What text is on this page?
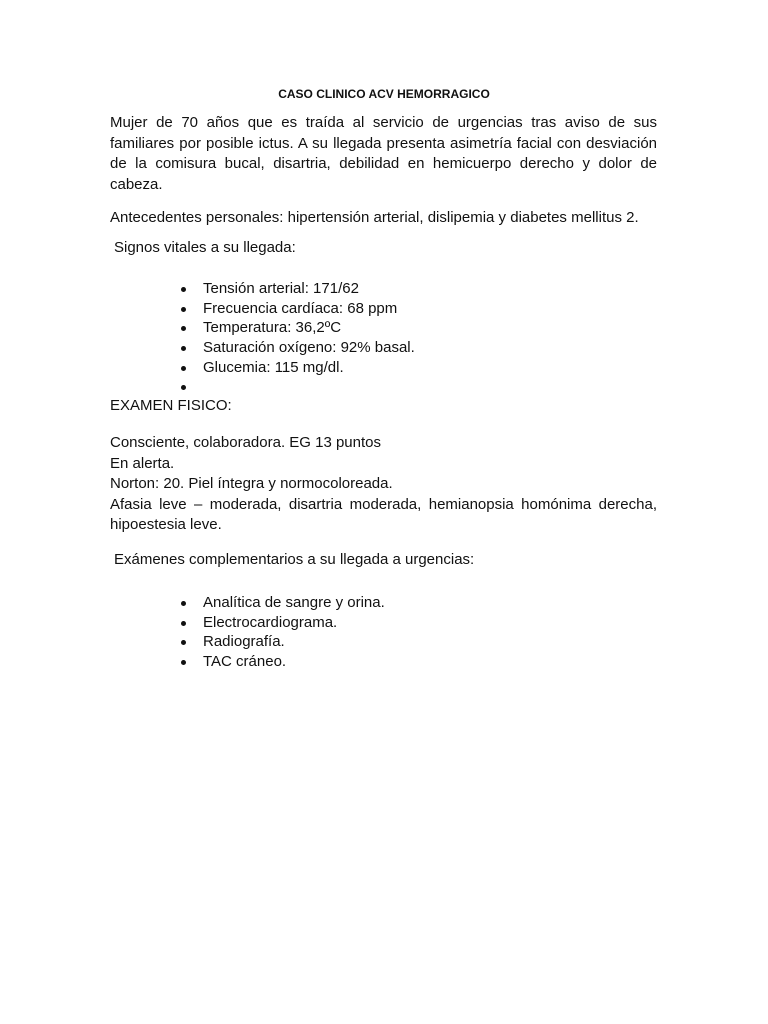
CASO CLINICO ACV HEMORRAGICO
Mujer de 70 años que es traída al servicio de urgencias tras aviso de sus familiares por posible ictus. A su llegada presenta asimetría facial con desviación de la comisura bucal, disartria, debilidad en hemicuerpo derecho y dolor de cabeza.
Antecedentes personales: hipertensión arterial, dislipemia y diabetes mellitus 2.
Signos vitales a su llegada:
Tensión arterial: 171/62
Frecuencia cardíaca: 68 ppm
Temperatura: 36,2ºC
Saturación oxígeno: 92% basal.
Glucemia: 115 mg/dl.
EXAMEN FISICO:
Consciente, colaboradora. EG 13 puntos
En alerta.
Norton: 20. Piel íntegra y normocoloreada.
Afasia leve – moderada, disartria moderada, hemianopsia homónima derecha, hipoestesia leve.
Exámenes complementarios a su llegada a urgencias:
Analítica de sangre y orina.
Electrocardiograma.
Radiografía.
TAC cráneo.
